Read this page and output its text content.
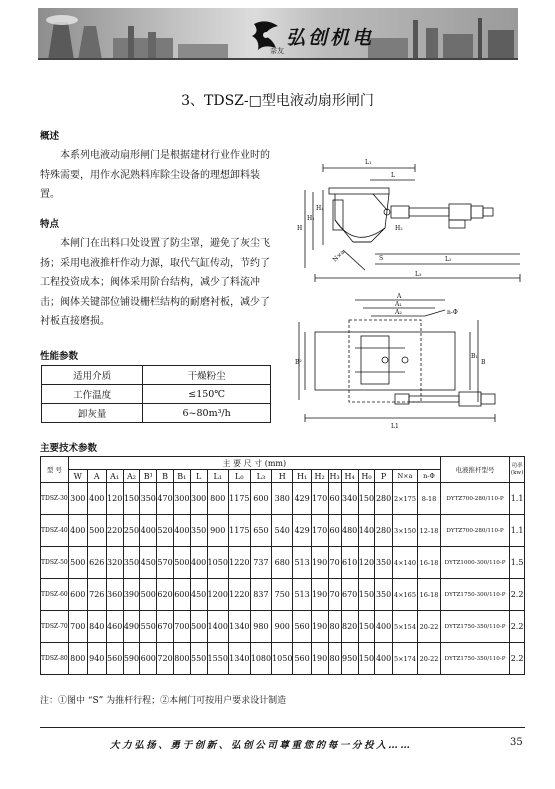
弘创机电
奈友
3、TDSZ-□型电液动扇形闸门
概述

本系列电液动扇形闸门是根据建材行业作业时的特殊需要，用作水泥熟料库除尘设备的理想卸料装置。

特点

本闸门在出料口处设置了防尘罩，避免了灰尘飞扬；采用电液推杆作动力源，取代气缸传动，节约了工程投资成本；阀体采用阶台结构，减少了料流冲击；阀体关键部位铺设栅栏结构的耐磨衬板，减少了衬板直接磨损。

性能参数
适用介质	干燥粉尘
工作温度	≤150℃
卸灰量	6~80m³/h
L₁
L
H
H₁
H₄
H₂
S	L₂
L₃
N×a
A
A₁
A₂	n-Φ
B
B₁
B²
L1
主要技术参数
型 号	主 要 尺 寸 (mm)																				电液推杆型号	功率(kw)
	W	A	A₁	A₂	B¹	B	B₁	L	L₁	L₀	L₃	H	H₁	H₂	H₃	H₄	H₀	P	N×a	n-Φ		
TDSZ-30	300	400	120	150	350	470	300	300	800	1175	600	380	429	170	60	340	150	280	2×175	8-18	DYTZ700-280/110-P	1.1
TDSZ-40	400	500	220	250	400	520	400	350	900	1175	650	540	429	170	60	480	140	280	3×150	12-18	DYTZ700-280/110-P	1.1
TDSZ-50	500	626	320	350	450	570	500	400	1050	1220	737	680	513	190	70	610	120	350	4×140	16-18	DYTZ1000-300/110-P	1.5
TDSZ-60	600	726	360	390	500	620	600	450	1200	1220	837	750	513	190	70	670	150	350	4×165	16-18	DYTZ1750-300/110-P	2.2
TDSZ-70	700	840	460	490	550	670	700	500	1400	1340	980	900	560	190	80	820	150	400	5×154	20-22	DYTZ1750-350/110-P	2.2
TDSZ-80	800	940	560	590	600	720	800	550	1550	1340	1080	1050	560	190	80	950	150	400	5×174	20-22	DYTZ1750-350/110-P	2.2
注：①图中 “S” 为推杆行程；②本闸门可按用户要求设计制造
大力弘扬、勇于创新、弘创公司尊重您的每一分投入……	35
